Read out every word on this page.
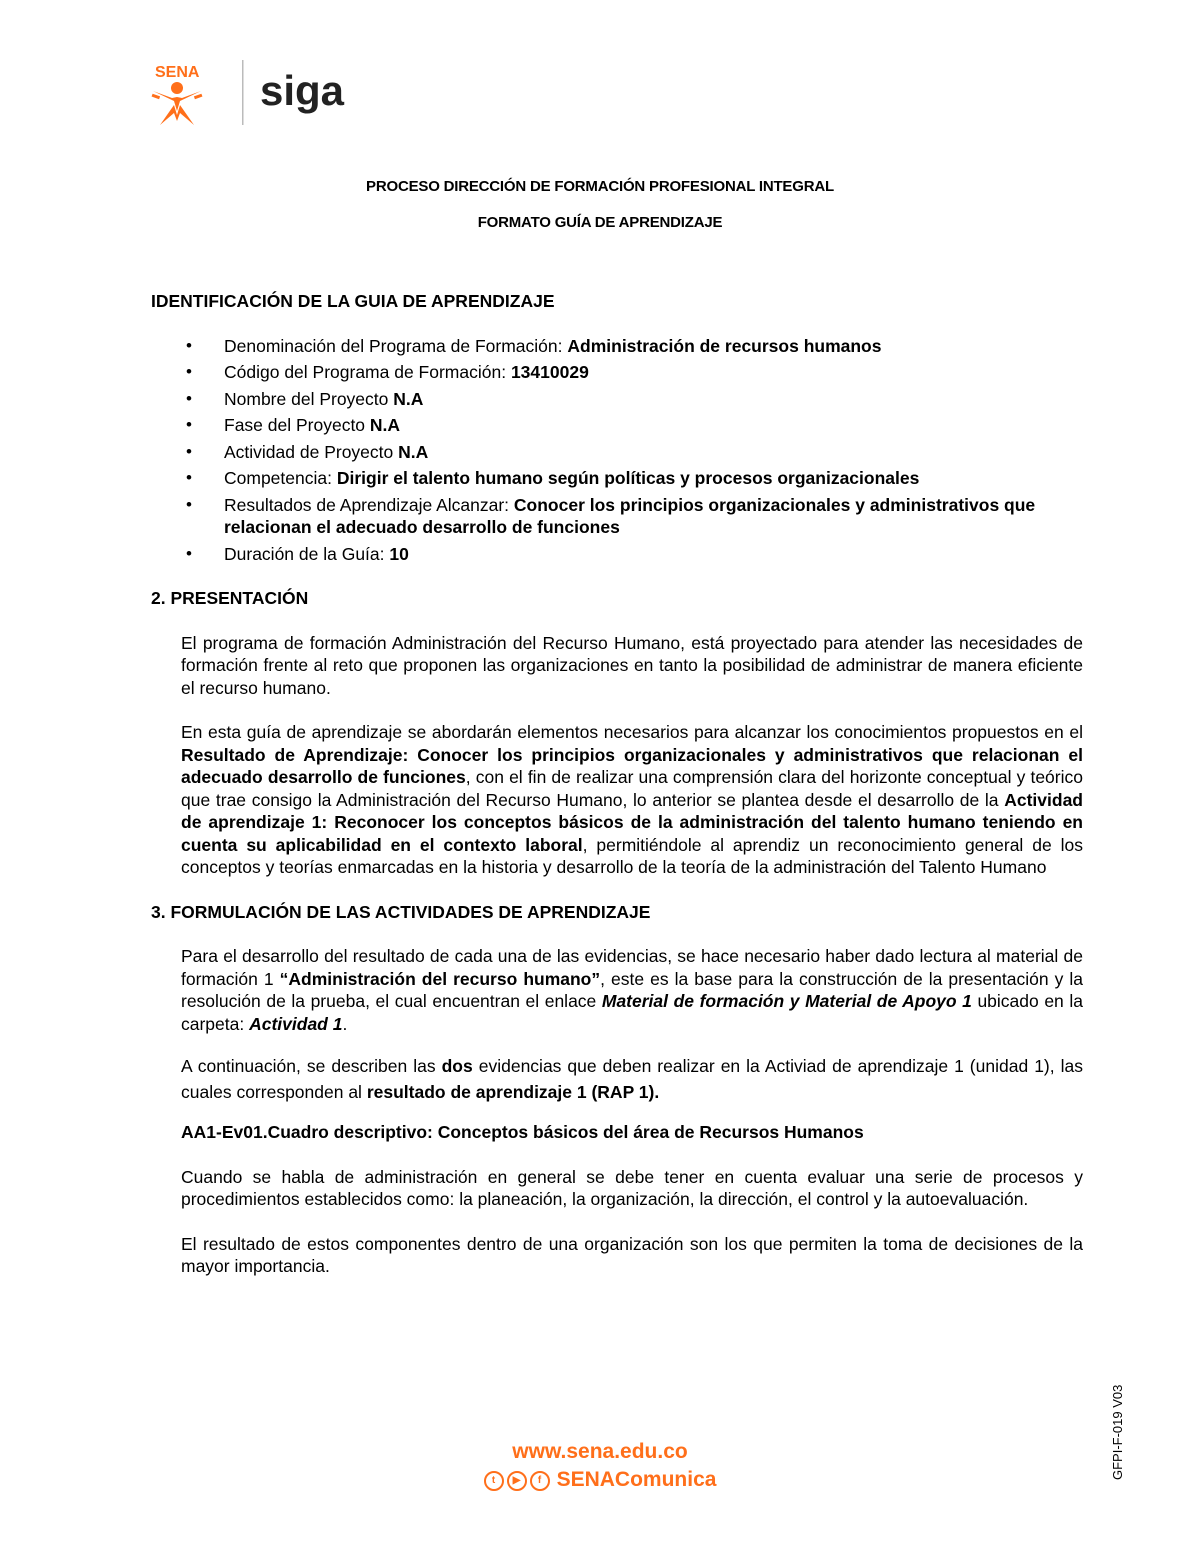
SENA siga
PROCESO DIRECCIÓN DE FORMACIÓN PROFESIONAL INTEGRAL
FORMATO GUÍA DE APRENDIZAJE

IDENTIFICACIÓN DE LA GUIA DE APRENDIZAJE

• Denominación del Programa de Formación: Administración de recursos humanos
• Código del Programa de Formación: 13410029
• Nombre del Proyecto N.A
• Fase del Proyecto N.A
• Actividad de Proyecto N.A
• Competencia: Dirigir el talento humano según políticas y procesos organizacionales
• Resultados de Aprendizaje Alcanzar: Conocer los principios organizacionales y administrativos que relacionan el adecuado desarrollo de funciones
• Duración de la Guía: 10

2. PRESENTACIÓN

El programa de formación Administración del Recurso Humano, está proyectado para atender las necesidades de formación frente al reto que proponen las organizaciones en tanto la posibilidad de administrar de manera eficiente el recurso humano.

En esta guía de aprendizaje se abordarán elementos necesarios para alcanzar los conocimientos propuestos en el Resultado de Aprendizaje: Conocer los principios organizacionales y administrativos que relacionan el adecuado desarrollo de funciones, con el fin de realizar una comprensión clara del horizonte conceptual y teórico que trae consigo la Administración del Recurso Humano, lo anterior se plantea desde el desarrollo de la Actividad de aprendizaje 1: Reconocer los conceptos básicos de la administración del talento humano teniendo en cuenta su aplicabilidad en el contexto laboral, permitiéndole al aprendiz un reconocimiento general de los conceptos y teorías enmarcadas en la historia y desarrollo de la teoría de la administración del Talento Humano

3. FORMULACIÓN DE LAS ACTIVIDADES DE APRENDIZAJE

Para el desarrollo del resultado de cada una de las evidencias, se hace necesario haber dado lectura al material de formación 1 “Administración del recurso humano”, este es la base para la construcción de la presentación y la resolución de la prueba, el cual encuentran el enlace Material de formación y Material de Apoyo 1 ubicado en la carpeta: Actividad 1.

A continuación, se describen las dos evidencias que deben realizar en la Activiad de aprendizaje 1 (unidad 1), las cuales corresponden al resultado de aprendizaje 1 (RAP 1).

AA1-Ev01.Cuadro descriptivo: Conceptos básicos del área de Recursos Humanos

Cuando se habla de administración en general se debe tener en cuenta evaluar una serie de procesos y procedimientos establecidos como: la planeación, la organización, la dirección, el control y la autoevaluación.

El resultado de estos componentes dentro de una organización son los que permiten la toma de decisiones de la mayor importancia.

www.sena.edu.co
t ▶ f SENAComunica	GFPI-F-019 V03
